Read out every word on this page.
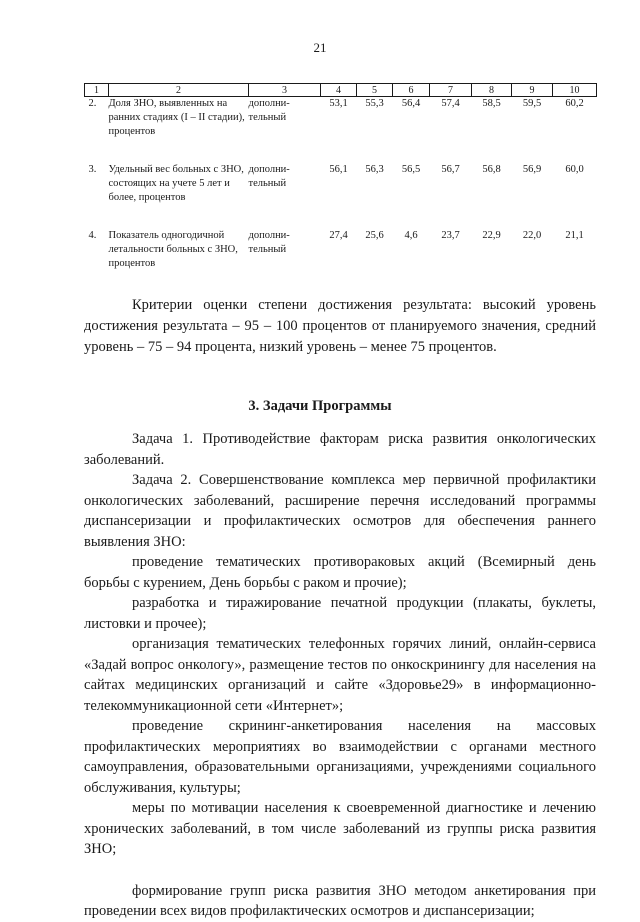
21
1	2	3	4	5	6	7	8	9	10
2.	Доля ЗНО, выявленных на ранних стадиях (I – II стадии), процентов	дополни-тельный	53,1	55,3	56,4	57,4	58,5	59,5	60,2
3.	Удельный вес больных с ЗНО, состоящих на учете 5 лет и более, процентов	дополни-тельный	56,1	56,3	56,5	56,7	56,8	56,9	60,0
4.	Показатель одногодичной летальности больных с ЗНО, процентов	дополни-тельный	27,4	25,6	4,6	23,7	22,9	22,0	21,1

Критерии оценки степени достижения результата: высокий уровень достижения результата – 95 – 100 процентов от планируемого значения, средний уровень – 75 – 94 процента, низкий уровень – менее 75 процентов.

3. Задачи Программы

Задача 1. Противодействие факторам риска развития онкологических заболеваний.

Задача 2. Совершенствование комплекса мер первичной профилактики онкологических заболеваний, расширение перечня исследований программы диспансеризации и профилактических осмотров для обеспечения раннего выявления ЗНО:

проведение тематических противораковых акций (Всемирный день борьбы с курением, День борьбы с раком и прочие);

разработка и тиражирование печатной продукции (плакаты, буклеты, листовки и прочее);

организация тематических телефонных горячих линий, онлайн-сервиса «Задай вопрос онкологу», размещение тестов по онкоскринингу для населения на сайтах медицинских организаций и сайте «Здоровье29» в информационно-телекоммуникационной сети «Интернет»;

проведение скрининг-анкетирования населения на массовых профилактических мероприятиях во взаимодействии с органами местного самоуправления, образовательными организациями, учреждениями социального обслуживания, культуры;

меры по мотивации населения к своевременной диагностике и лечению хронических заболеваний, в том числе заболеваний из группы риска развития ЗНО;

формирование групп риска развития ЗНО методом анкетирования при проведении всех видов профилактических осмотров и диспансеризации;
